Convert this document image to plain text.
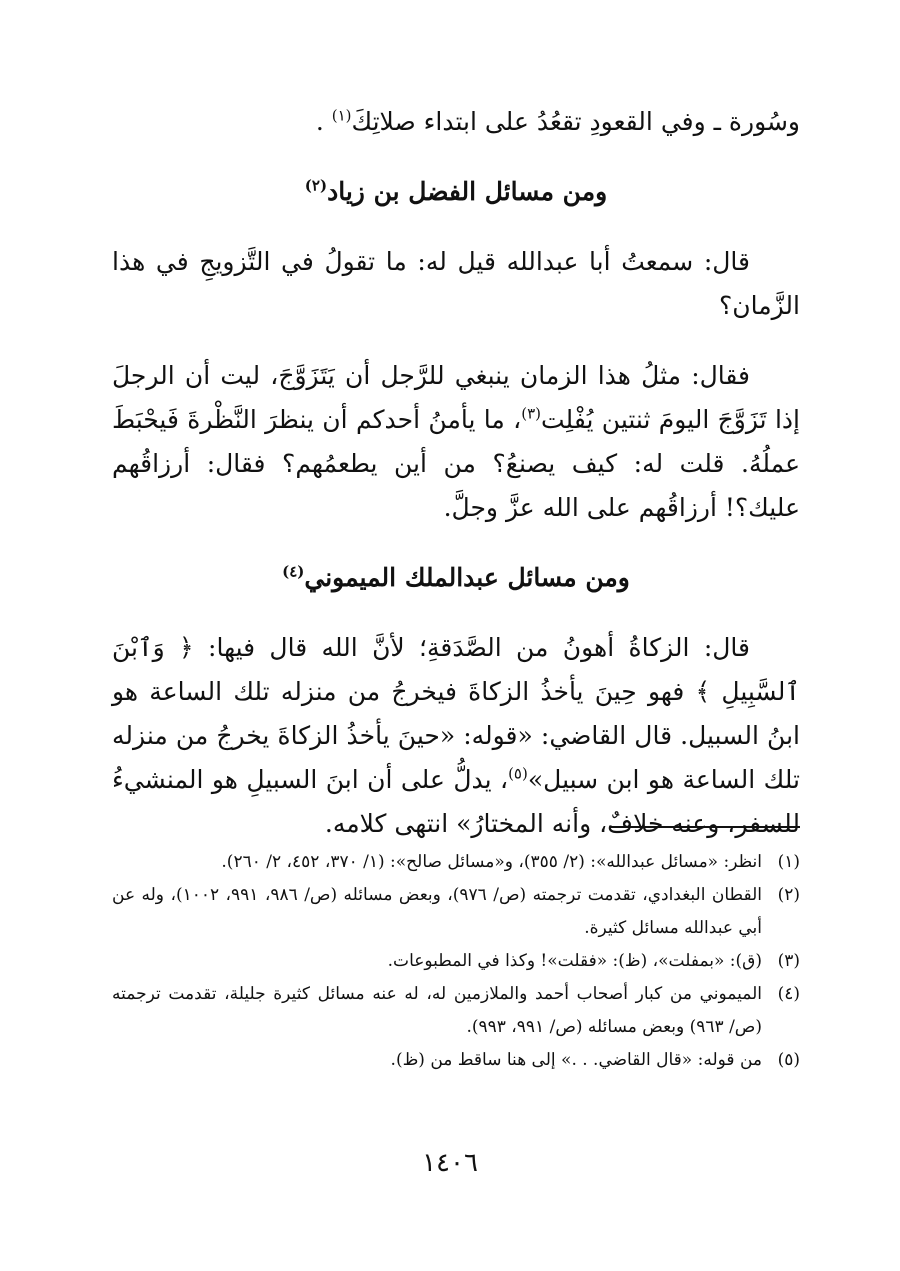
وسُورة ـ وفي القعودِ تقعُدُ على ابتداء صلاتِكَ$^{(١)}$ .

ومن مسائل الفضل بن زياد$^{(٢)}$

قال: سمعتُ أبا عبدالله قيل له: ما تقولُ في التَّزويجِ في هذا الزَّمان؟

فقال: مثلُ هذا الزمان ينبغي للرَّجل أن يَتَزَوَّجَ، ليت أن الرجلَ إذا تَزَوَّجَ اليومَ ثنتين يُفْلِت$^{(٣)}$، ما يأمنُ أحدكم أن ينظرَ النَّظْرةَ فَيحْبَطَ عملُهُ. قلت له: كيف يصنعُ؟ من أين يطعمُهم؟ فقال: أرزاقُهم عليك؟! أرزاقُهم على الله عزَّ وجلَّ.

ومن مسائل عبدالملك الميموني$^{(٤)}$

قال: الزكاةُ أهونُ من الصَّدَقةِ؛ لأنَّ الله قال فيها: ﴿ وَٱبْنَ ٱلسَّبِيلِ ﴾ فهو حِينَ يأخذُ الزكاةَ فيخرجُ من منزله تلك الساعة هو ابنُ السبيل. قال القاضي: «قوله: «حينَ يأخذُ الزكاةَ يخرجُ من منزله تلك الساعة هو ابن سبيل»$^{(٥)}$، يدلُّ على أن ابنَ السبيلِ هو المنشيءُ للسفر، وعنه خلافٌ، وأنه المختارُ» انتهى كلامه.

(١)
انظر: «مسائل عبدالله»: (٢/ ٣٥٥)، و«مسائل صالح»: (١/ ٣٧٠، ٤٥٢، ٢/ ٢٦٠).
(٢)
القطان البغدادي، تقدمت ترجمته (ص/ ٩٧٦)، وبعض مسائله (ص/ ٩٨٦، ٩٩١، ١٠٠٢)، وله عن أبي عبدالله مسائل كثيرة.
(٣)
(ق): «بمفلت»، (ظ): «فقلت»! وكذا في المطبوعات.
(٤)
الميموني من كبار أصحاب أحمد والملازمين له، له عنه مسائل كثيرة جليلة، تقدمت ترجمته (ص/ ٩٦٣) وبعض مسائله (ص/ ٩٩١، ٩٩٣).
(٥)
من قوله: «قال القاضي. . .» إلى هنا ساقط من (ظ).
١٤٠٦
